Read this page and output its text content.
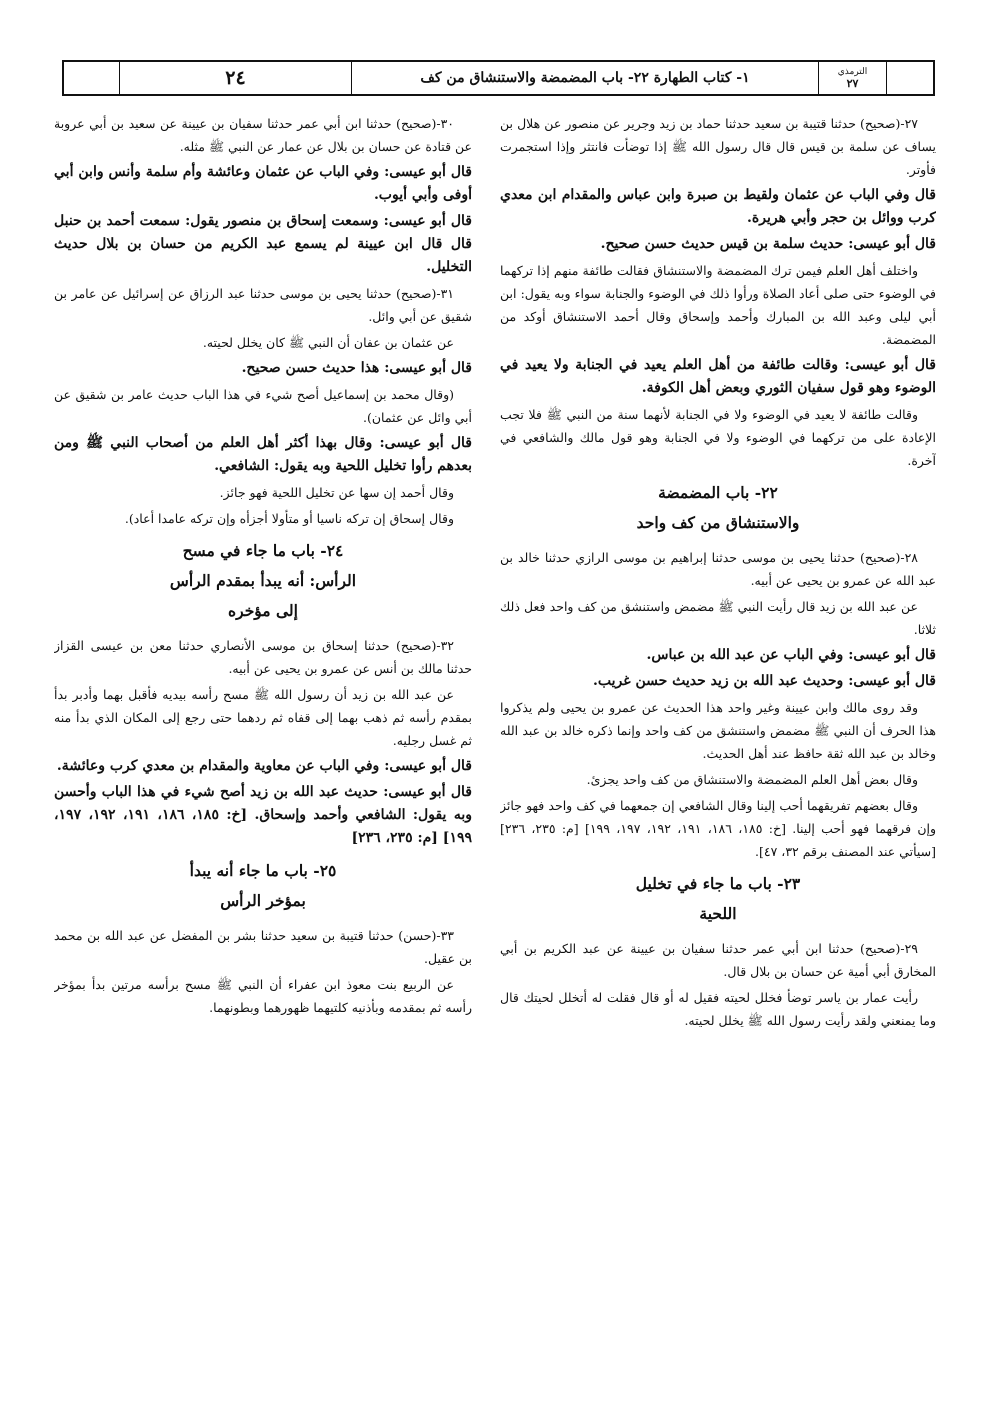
٢٤	١- كتاب الطهارة ٢٢- باب المضمضة والاستنشاق من كف	الترمذي
٢٧

٢٧-(صحيح) حدثنا قتيبة بن سعيد حدثنا حماد بن زيد وجرير عن منصور عن هلال بن يساف عن سلمة بن قيس قال قال رسول الله ﷺ إذا توضأت فانتثر وإذا استجمرت فأوتر.

قال وفي الباب عن عثمان ولقيط بن صبرة وابن عباس والمقدام ابن معدي كرب ووائل بن حجر وأبي هريرة.

قال أبو عيسى: حديث سلمة بن قيس حديث حسن صحيح.

واختلف أهل العلم فيمن ترك المضمضة والاستنشاق فقالت طائفة منهم إذا تركهما في الوضوء حتى صلى أعاد الصلاة ورأوا ذلك في الوضوء والجنابة سواء وبه يقول: ابن أبي ليلى وعبد الله بن المبارك وأحمد وإسحاق وقال أحمد الاستنشاق أوكد من المضمضة.

قال أبو عيسى: وقالت طائفة من أهل العلم يعيد في الجنابة ولا يعيد في الوضوء وهو قول سفيان الثوري وبعض أهل الكوفة.

وقالت طائفة لا يعيد في الوضوء ولا في الجنابة لأنهما سنة من النبي ﷺ فلا تجب الإعادة على من تركهما في الوضوء ولا في الجنابة وهو قول مالك والشافعي في آخرة.

٢٢- باب المضمضة
والاستنشاق من كف واحد

٢٨-(صحيح) حدثنا يحيى بن موسى حدثنا إبراهيم بن موسى الرازي حدثنا خالد بن عبد الله عن عمرو بن يحيى عن أبيه.

عن عبد الله بن زيد قال رأيت النبي ﷺ مضمض واستنشق من كف واحد فعل ذلك ثلاثا.

قال أبو عيسى: وفي الباب عن عبد الله بن عباس.

قال أبو عيسى: وحديث عبد الله بن زيد حديث حسن غريب.

وقد روى مالك وابن عيينة وغير واحد هذا الحديث عن عمرو بن يحيى ولم يذكروا هذا الحرف أن النبي ﷺ مضمض واستنشق من كف واحد وإنما ذكره خالد بن عبد الله وخالد بن عبد الله ثقة حافظ عند أهل الحديث.

وقال بعض أهل العلم المضمضة والاستنشاق من كف واحد يجزئ.

وقال بعضهم تفريقهما أحب إلينا وقال الشافعي إن جمعهما في كف واحد فهو جائز وإن فرقهما فهو أحب إلينا. [خ: ١٨٥، ١٨٦، ١٩١، ١٩٢، ١٩٧، ١٩٩] [م: ٢٣٥، ٢٣٦] [سيأتي عند المصنف برقم ٣٢، ٤٧].

٢٣- باب ما جاء في تخليل
اللحية

٢٩-(صحيح) حدثنا ابن أبي عمر حدثنا سفيان بن عيينة عن عبد الكريم بن أبي المخارق أبي أمية عن حسان بن بلال قال.

رأيت عمار بن ياسر توضأ فخلل لحيته فقيل له أو قال فقلت له أتخلل لحيتك قال وما يمنعني ولقد رأيت رسول الله ﷺ يخلل لحيته.

٣٠-(صحيح) حدثنا ابن أبي عمر حدثنا سفيان بن عيينة عن سعيد بن أبي عروبة عن قتادة عن حسان بن بلال عن عمار عن النبي ﷺ مثله.

قال أبو عيسى: وفي الباب عن عثمان وعائشة وأم سلمة وأنس وابن أبي أوفى وأبي أيوب.

قال أبو عيسى: وسمعت إسحاق بن منصور يقول: سمعت أحمد بن حنبل قال قال ابن عيينة لم يسمع عبد الكريم من حسان بن بلال حديث التخليل.

٣١-(صحيح) حدثنا يحيى بن موسى حدثنا عبد الرزاق عن إسرائيل عن عامر بن شقيق عن أبي وائل.

عن عثمان بن عفان أن النبي ﷺ كان يخلل لحيته.

قال أبو عيسى: هذا حديث حسن صحيح.

(وقال محمد بن إسماعيل أصح شيء في هذا الباب حديث عامر بن شقيق عن أبي وائل عن عثمان).

قال أبو عيسى: وقال بهذا أكثر أهل العلم من أصحاب النبي ﷺ ومن بعدهم رأوا تخليل اللحية وبه يقول: الشافعي.

وقال أحمد إن سها عن تخليل اللحية فهو جائز.

وقال إسحاق إن تركه ناسيا أو متأولا أجزأه وإن تركه عامدا أعاد).

٢٤- باب ما جاء في مسح
الرأس: أنه يبدأ بمقدم الرأس
إلى مؤخره

٣٢-(صحيح) حدثنا إسحاق بن موسى الأنصاري حدثنا معن بن عيسى القزاز حدثنا مالك بن أنس عن عمرو بن يحيى عن أبيه.

عن عبد الله بن زيد أن رسول الله ﷺ مسح رأسه بيديه فأقبل بهما وأدبر بدأ بمقدم رأسه ثم ذهب بهما إلى قفاه ثم ردهما حتى رجع إلى المكان الذي بدأ منه ثم غسل رجليه.

قال أبو عيسى: وفي الباب عن معاوية والمقدام بن معدي كرب وعائشة.

قال أبو عيسى: حديث عبد الله بن زيد أصح شيء في هذا الباب وأحسن وبه يقول: الشافعي وأحمد وإسحاق. [خ: ١٨٥، ١٨٦، ١٩١، ١٩٢، ١٩٧، ١٩٩] [م: ٢٣٥، ٢٣٦]

٢٥- باب ما جاء أنه يبدأ
بمؤخر الرأس

٣٣-(حسن) حدثنا قتيبة بن سعيد حدثنا بشر بن المفضل عن عبد الله بن محمد بن عقيل.

عن الربيع بنت معوذ ابن عفراء أن النبي ﷺ مسح برأسه مرتين بدأ بمؤخر رأسه ثم بمقدمه وبأذنيه كلتيهما ظهورهما وبطونهما.
